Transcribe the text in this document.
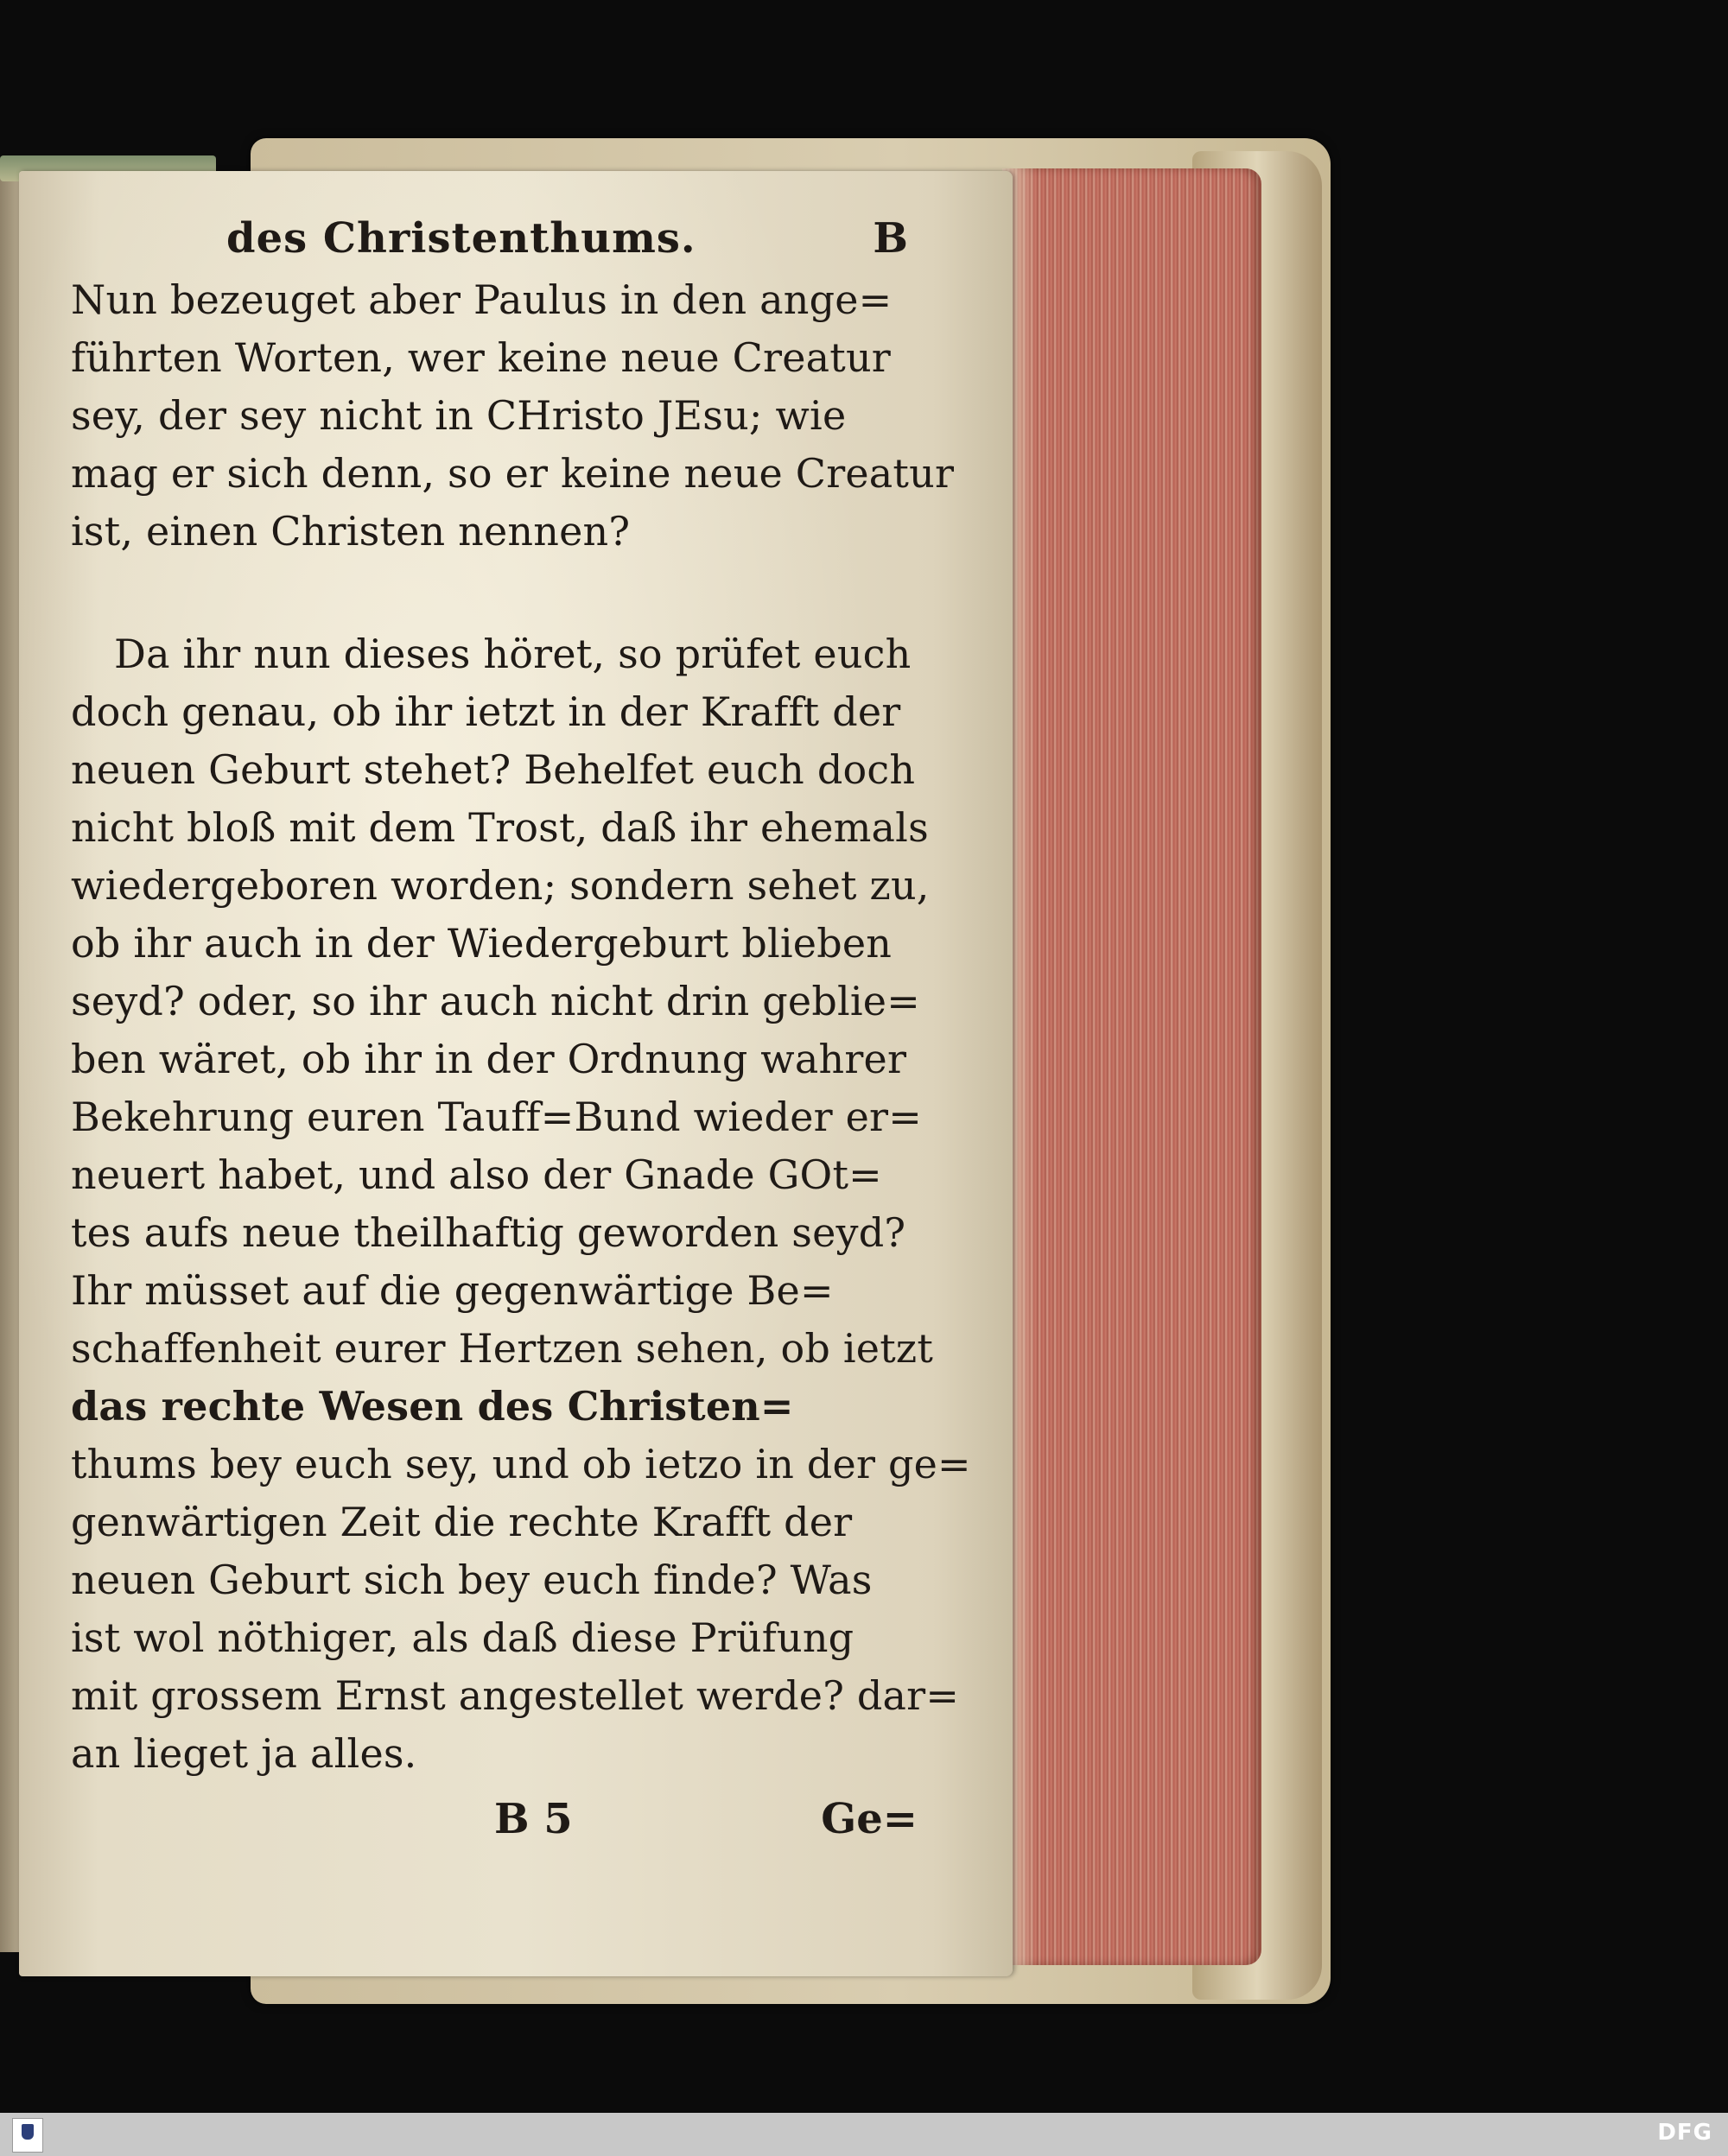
des Christenthums.	B
Nun bezeuget aber Paulus in den ange=
führten Worten, wer keine neue Creatur
sey, der sey nicht in CHristo JEsu; wie
mag er sich denn, so er keine neue Creatur
ist, einen Christen nennen?
Da ihr nun dieses höret, so prüfet euch
doch genau, ob ihr ietzt in der Krafft der
neuen Geburt stehet? Behelfet euch doch
nicht bloß mit dem Trost, daß ihr ehemals
wiedergeboren worden; sondern sehet zu,
ob ihr auch in der Wiedergeburt blieben
seyd? oder, so ihr auch nicht drin geblie=
ben wäret, ob ihr in der Ordnung wahrer
Bekehrung euren Tauff=Bund wieder er=
neuert habet, und also der Gnade GOt=
tes aufs neue theilhaftig geworden seyd?
Ihr müsset auf die gegenwärtige Be=
schaffenheit eurer Hertzen sehen, ob ietzt
das rechte Wesen des Christen=
thums bey euch sey, und ob ietzo in der ge=
genwärtigen Zeit die rechte Krafft der
neuen Geburt sich bey euch finde? Was
ist wol nöthiger, als daß diese Prüfung
mit grossem Ernst angestellet werde? dar=
an lieget ja alles.
B 5	Ge=
DFG
